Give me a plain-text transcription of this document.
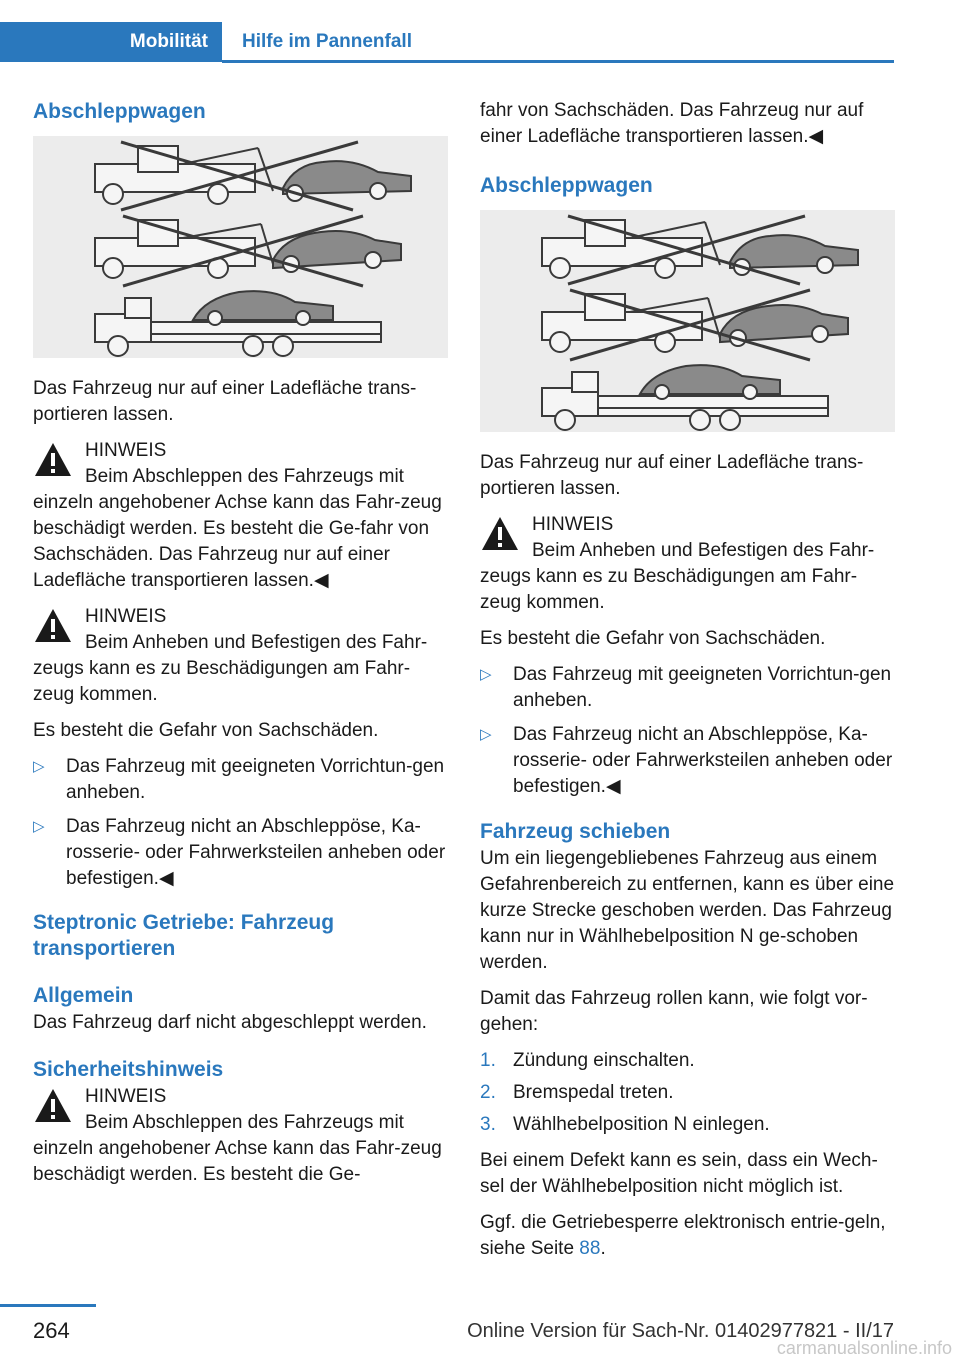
Mobilität	Hilfe im Pannenfall
Abschleppwagen

Das Fahrzeug nur auf einer Ladefläche trans-portieren lassen.

HINWEIS
Beim Abschleppen des Fahrzeugs mit einzeln angehobener Achse kann das Fahr-zeug beschädigt werden. Es besteht die Ge-fahr von Sachschäden. Das Fahrzeug nur auf einer Ladefläche transportieren lassen.◀
HINWEIS
Beim Anheben und Befestigen des Fahr-zeugs kann es zu Beschädigungen am Fahr-zeug kommen.

Es besteht die Gefahr von Sachschäden.

▷ Das Fahrzeug mit geeigneten Vorrichtun-gen anheben.
▷ Das Fahrzeug nicht an Abschleppöse, Ka-rosserie- oder Fahrwerksteilen anheben oder befestigen.◀
Steptronic Getriebe: Fahrzeug transportieren
Allgemein

Das Fahrzeug darf nicht abgeschleppt werden.

Sicherheitshinweis
HINWEIS
Beim Abschleppen des Fahrzeugs mit einzeln angehobener Achse kann das Fahr-zeug beschädigt werden. Es besteht die Ge-

fahr von Sachschäden. Das Fahrzeug nur auf einer Ladefläche transportieren lassen.◀

Abschleppwagen

Das Fahrzeug nur auf einer Ladefläche trans-portieren lassen.

HINWEIS
Beim Anheben und Befestigen des Fahr-zeugs kann es zu Beschädigungen am Fahr-zeug kommen.

Es besteht die Gefahr von Sachschäden.

▷ Das Fahrzeug mit geeigneten Vorrichtun-gen anheben.
▷ Das Fahrzeug nicht an Abschleppöse, Ka-rosserie- oder Fahrwerksteilen anheben oder befestigen.◀
Fahrzeug schieben

Um ein liegengebliebenes Fahrzeug aus einem Gefahrenbereich zu entfernen, kann es über eine kurze Strecke geschoben werden. Das Fahrzeug kann nur in Wählhebelposition N ge-schoben werden.

Damit das Fahrzeug rollen kann, wie folgt vor-gehen:

1. Zündung einschalten.
2. Bremspedal treten.
3. Wählhebelposition N einlegen.

Bei einem Defekt kann es sein, dass ein Wech-sel der Wählhebelposition nicht möglich ist.

Ggf. die Getriebesperre elektronisch entrie-geln, siehe Seite 88.

264	Online Version für Sach-Nr. 01402977821 - II/17
carmanualsonline.info
